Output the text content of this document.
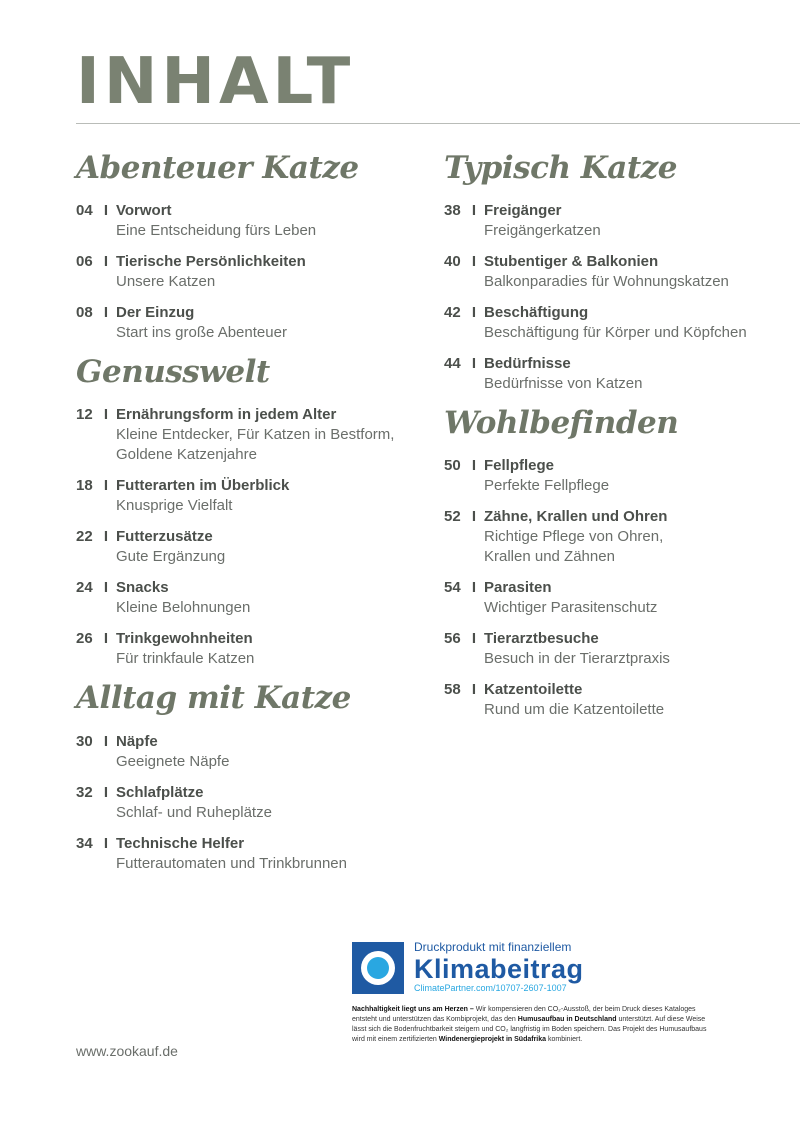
INHALT
Abenteuer Katze
04 I Vorwort
Eine Entscheidung fürs Leben
06 I Tierische Persönlichkeiten
Unsere Katzen
08 I Der Einzug
Start ins große Abenteuer
Genusswelt
12 I Ernährungsform in jedem Alter
Kleine Entdecker, Für Katzen in Bestform,
Goldene Katzenjahre
18 I Futterarten im Überblick
Knusprige Vielfalt
22 I Futterzusätze
Gute Ergänzung
24 I Snacks
Kleine Belohnungen
26 I Trinkgewohnheiten
Für trinkfaule Katzen
Alltag mit Katze
30 I Näpfe
Geeignete Näpfe
32 I Schlafplätze
Schlaf- und Ruheplätze
34 I Technische Helfer
Futterautomaten und Trinkbrunnen
Typisch Katze
38 I Freigänger
Freigängerkatzen
40 I Stubentiger & Balkonien
Balkonparadies für Wohnungskatzen
42 I Beschäftigung
Beschäftigung für Körper und Köpfchen
44 I Bedürfnisse
Bedürfnisse von Katzen
Wohlbefinden
50 I Fellpflege
Perfekte Fellpflege
52 I Zähne, Krallen und Ohren
Richtige Pflege von Ohren,
Krallen und Zähnen
54 I Parasiten
Wichtiger Parasitenschutz
56 I Tierarztbesuche
Besuch in der Tierarztpraxis
58 I Katzentoilette
Rund um die Katzentoilette
Druckprodukt mit finanziellem
Klimabeitrag
ClimatePartner.com/10707-2607-1007
Nachhaltigkeit liegt uns am Herzen – Wir kompensieren den CO₂-Ausstoß, der beim Druck dieses Kataloges entsteht und unterstützen das Kombiprojekt, das den Humusaufbau in Deutschland unterstützt. Auf diese Weise lässt sich die Bodenfruchtbarkeit steigern und CO₂ langfristig im Boden speichern. Das Projekt des Humusaufbaus wird mit einem zertifizierten Windenergieprojekt in Südafrika kombiniert.
www.zookauf.de
